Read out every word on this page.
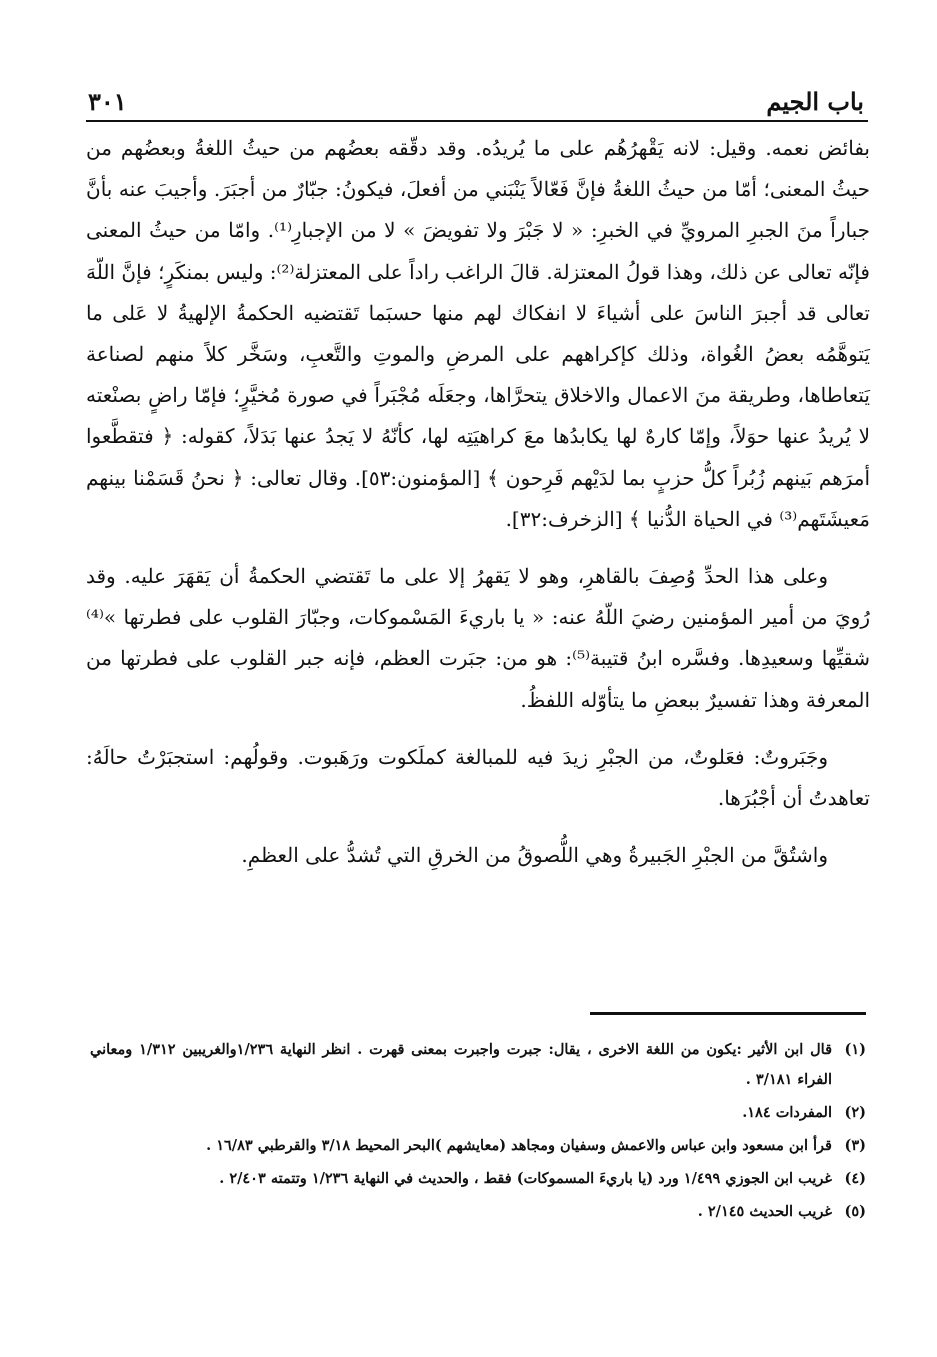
باب الجيم
٣٠١

بفائض نعمه. وقيل: لانه يَقْهرُهُم على ما يُريدُه. وقد دقّقه بعضُهم من حيثُ اللغةُ وبعضُهم من حيثُ المعنى؛ أمّا من حيثُ اللغةُ فإنَّ فَعّالاً يَنْبَني من أفعلَ، فيكونُ: جبّارٌ من أجبَرَ. وأجيبَ عنه بأنَّ جباراً منَ الجبرِ المرويِّ في الخبرِ: « لا جَبْرَ ولا تفويضَ » لا من الإجبارِ⁽¹⁾. وامّا من حيثُ المعنى فإنّه تعالى عن ذلك، وهذا قولُ المعتزلة. قالَ الراغب راداً على المعتزلة⁽²⁾: وليس بمنكَرٍ؛ فإنَّ اللّهَ تعالى قد أجبرَ الناسَ على أشياءَ لا انفكاك لهم منها حسبَما تَقتضيه الحكمةُ الإلهيةُ لا عَلى ما يَتوهَّمُه بعضُ الغُواة، وذلك كإكراههم على المرضِ والموتِ والتَّعبِ، وسَخَّر كلاً منهم لصناعة يَتعاطاها، وطريقة منَ الاعمال والاخلاق يتحرَّاها، وجعَلَه مُجْبَراً في صورة مُخيَّرٍ؛ فإمّا راضٍ بصنْعته لا يُريدُ عنها حوَلاً، وإمّا كارهٌ لها يكابدُها معَ كراهيَتِه لها، كأنّهُ لا يَجدُ عنها بَدَلاً، كقوله: ﴿ فتقطَّعوا أمرَهم بَينهم زُبُراً كلُّ حزبٍ بما لدَيْهم فَرِحون ﴾ [المؤمنون:٥٣]. وقال تعالى: ﴿ نحنُ قَسَمْنا بينهم مَعيشَتَهم⁽³⁾ في الحياة الدُّنيا ﴾ [الزخرف:٣٢].

وعلى هذا الحدِّ وُصِفَ بالقاهرِ، وهو لا يَقهرُ إلا على ما تَقتضي الحكمةُ أن يَقهَرَ عليه. وقد رُويَ من أمير المؤمنين رضيَ اللّهُ عنه: « يا باريءَ المَسْموكات، وجبّارَ القلوب على فطرتها »⁽⁴⁾ شقيِّها وسعيدِها. وفسَّره ابنُ قتيبة⁽⁵⁾: هو من: جبَرت العظم، فإنه جبر القلوب على فطرتها من المعرفة وهذا تفسيرٌ ببعضِ ما يتأوّله اللفظُ.

وجَبَروتٌ: فعَلوتٌ، من الجبْرِ زيدَ فيه للمبالغة كملَكوت ورَهَبوت. وقولُهم: استجبَرْتُ حالَهُ: تعاهدتُ أن أجْبُرَها.

واشتُقَّ من الجبْرِ الجَبيرةُ وهي اللُّصوقُ من الخرقِ التي تُشدُّ على العظمِ.

(١)
قال ابن الأثير :يكون من اللغة الاخرى ، يقال: جبرت واجبرت بمعنى قهرت . انظر النهاية ١/٢٣٦والغريبين ١/٣١٢ ومعاني الفراء ٣/١٨١ .
(٢)
المفردات ١٨٤.
(٣)
قرأ ابن مسعود وابن عباس والاعمش وسفيان ومجاهد (معايشهم )البحر المحيط ٣/١٨ والقرطبي ١٦/٨٣ .
(٤)
غريب ابن الجوزي ١/٤٩٩ ورد (يا باريءَ المسموكات) فقط ، والحديث في النهاية ١/٢٣٦ وتتمته ٢/٤٠٣ .
(٥)
غريب الحديث ٢/١٤٥ .
